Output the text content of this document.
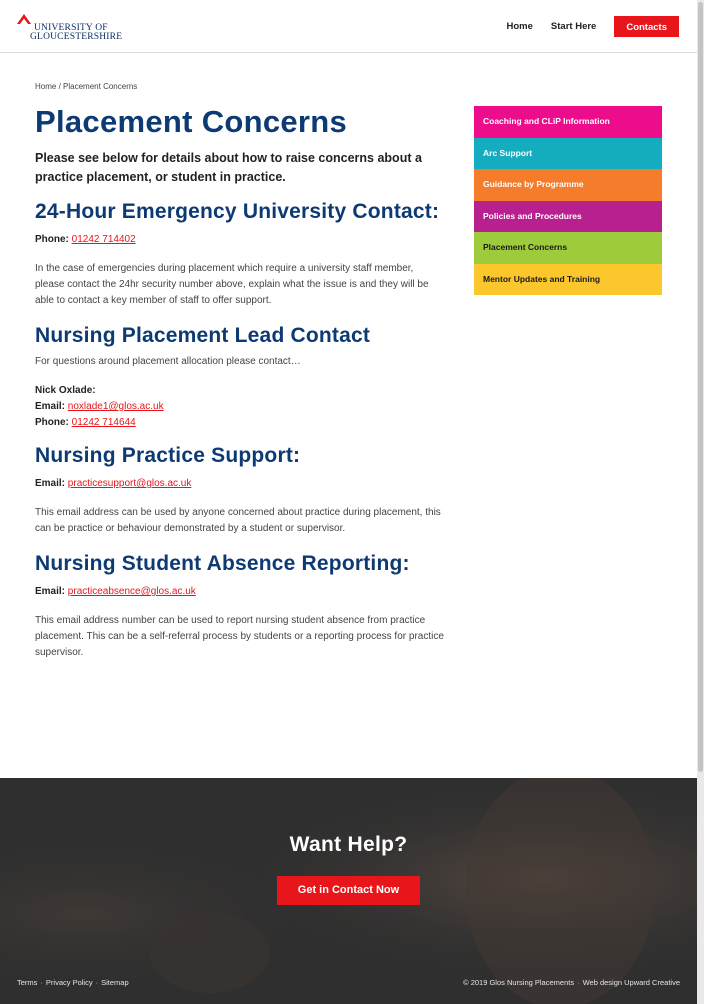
UNIVERSITY OF
GLOUCESTERSHIRE
Home Start Here	Contacts
Home / Placement Concerns
Placement Concerns
Please see below for details about how to raise concerns about a practice placement, or student in practice.
24-Hour Emergency University Contact:

Phone: 01242 714402

In the case of emergencies during placement which require a university staff member, please contact the 24hr security number above, explain what the issue is and they will be able to contact a key member of staff to offer support.

Nursing Placement Lead Contact

For questions around placement allocation please contact…

Nick Oxlade:
Email: noxlade1@glos.ac.uk
Phone: 01242 714644

Nursing Practice Support:

Email: practicesupport@glos.ac.uk

This email address can be used by anyone concerned about practice during placement, this can be practice or behaviour demonstrated by a student or supervisor.

Nursing Student Absence Reporting:

Email: practiceabsence@glos.ac.uk

This email address number can be used to report nursing student absence from practice placement. This can be a self-referral process by students or a reporting process for practice supervisor.

Coaching and CLiP Information
Arc Support
Guidance by Programme
Policies and Procedures
Placement Concerns
Mentor Updates and Training
Want Help?
Get in Contact Now
Terms · Privacy Policy · Sitemap	© 2019 Glos Nursing Placements · Web design Upward Creative
